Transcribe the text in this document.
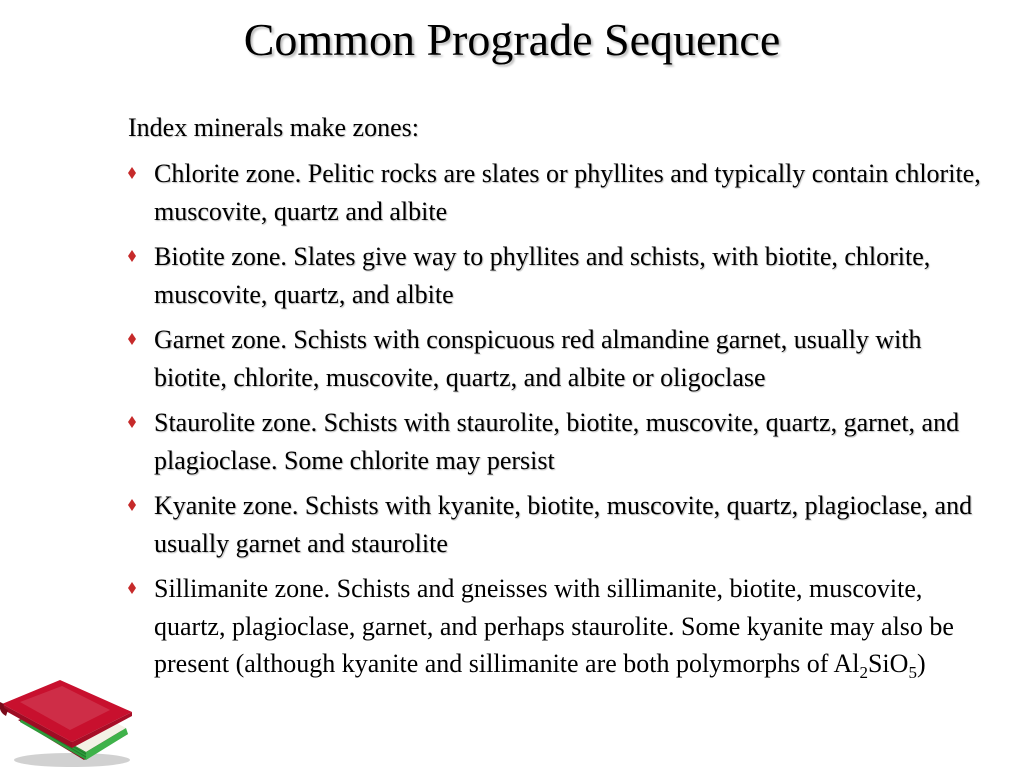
Common Prograde Sequence
Index minerals make zones:
Chlorite zone. Pelitic rocks are slates or phyllites and typically contain chlorite, muscovite, quartz and albite
Biotite zone. Slates give way to phyllites and schists, with biotite, chlorite, muscovite, quartz, and albite
Garnet zone. Schists with conspicuous red almandine garnet, usually with biotite, chlorite, muscovite, quartz, and albite or oligoclase
Staurolite zone. Schists with staurolite, biotite, muscovite, quartz, garnet, and plagioclase. Some chlorite may persist
Kyanite zone. Schists with kyanite, biotite, muscovite, quartz, plagioclase, and usually garnet and staurolite
Sillimanite zone. Schists and gneisses with sillimanite, biotite, muscovite, quartz, plagioclase, garnet, and perhaps staurolite. Some kyanite may also be present (although kyanite and sillimanite are both polymorphs of $Al_2SiO_5$)
